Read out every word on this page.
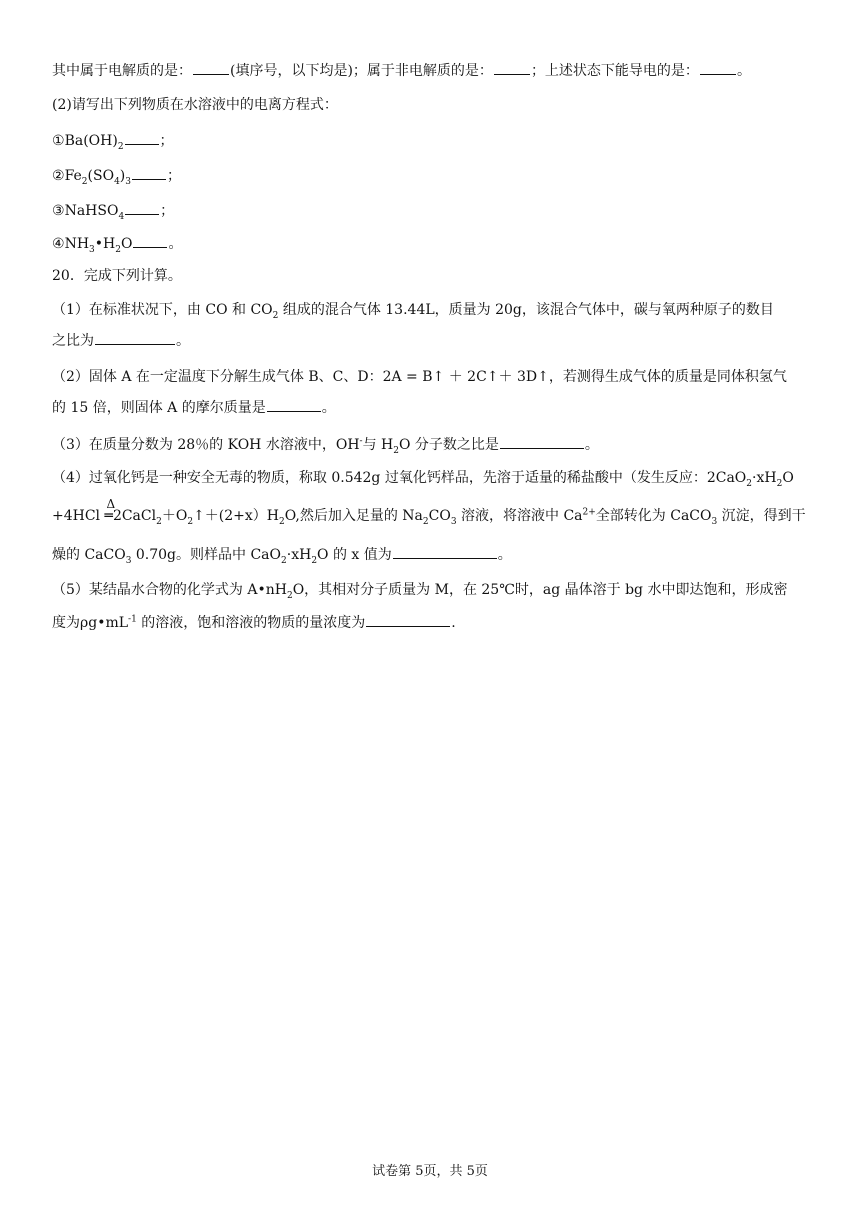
其中属于电解质的是：	(填序号，以下均是)；属于非电解质的是：	；上述状态下能导电的是：	。
(2)请写出下列物质在水溶液中的电离方程式：
$①Ba(OH)_2$	；
$②Fe_2(SO_4)_3$	；
③NaHSO$_4$	；
$④NH_3•H_2O$	。
20．完成下列计算。
（1）在标准状况下，由 CO 和 $CO_2$ 组成的混合气体 13.44L，质量为 20g，该混合气体中，碳与氧两种原子的数目
之比为	。
（2）固体 A 在一定温度下分解生成气体 B、C、D：2A = B↑ ＋ 2C↑＋ 3D↑，若测得生成气体的质量是同体积氢气
的 15 倍，则固体 A 的摩尔质量是	。
（3）在质量分数为 28％的 KOH 水溶液中，OH-与 $H_2O$ 分子数之比是	。
（4）过氧化钙是一种安全无毒的物质，称取 0.542g 过氧化钙样品，先溶于适量的稀盐酸中（发生反应：$2CaO_2\cdot xH_2O$
+4HCl
Δ
$═2CaCl_2+O_2↑+(2+x)H_2O$,然后加入足量的 $Na_2CO_3$ 溶液，将溶液中 $Ca^{2+}$全部转化为 CaCO$_3$ 沉淀，得到干
燥的 CaCO$_3$ 0.70g。则样品中 $CaO_2\cdot xH_2O$ 的 x 值为	。
（5）某结晶水合物的化学式为 $A•nH_2O$，其相对分子质量为 M，在 25℃时，ag 晶体溶于 bg 水中即达饱和，形成密
度为$\rho g•mL^{-1}$ 的溶液，饱和溶液的物质的量浓度为	.
试卷第 5页，共 5页
